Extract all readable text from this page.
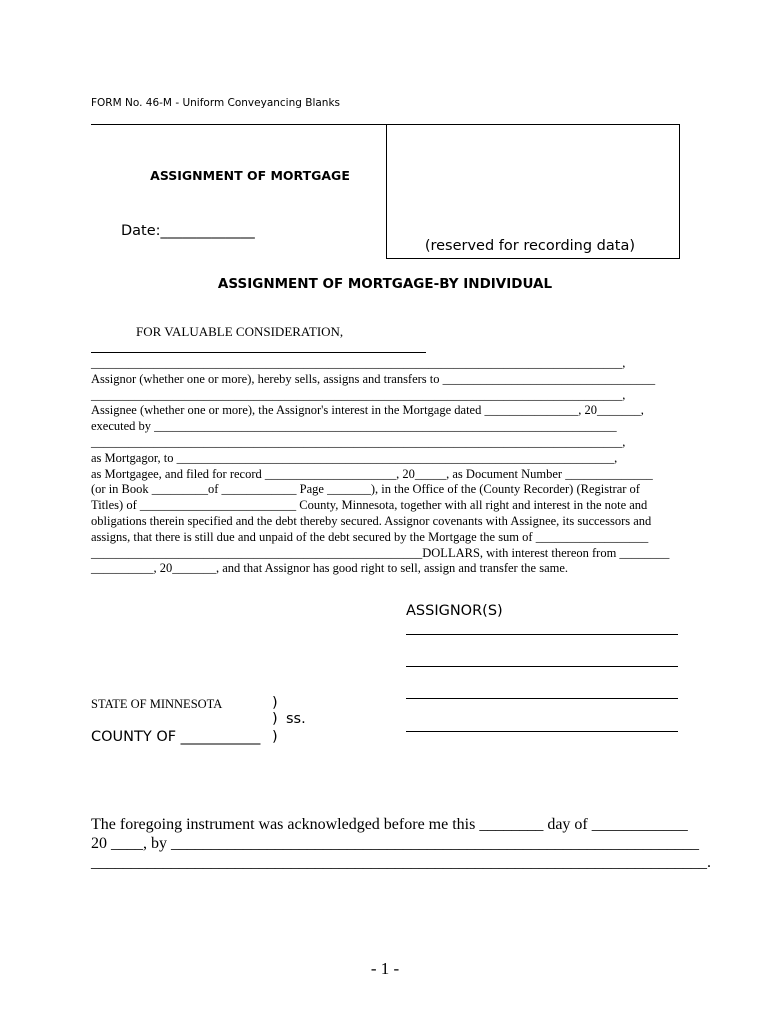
FORM No. 46-M - Uniform Conveyancing Blanks
(reserved for recording data)
ASSIGNMENT OF MORTGAGE
Date:_____________
ASSIGNMENT OF MORTGAGE-BY INDIVIDUAL
FOR VALUABLE CONSIDERATION,

_____________________________________________________________________________________,

Assignor (whether one or more), hereby sells, assigns and transfers to __________________________________

_____________________________________________________________________________________,

Assignee (whether one or more), the Assignor's interest in the Mortgage dated _______________, 20_______,

executed by __________________________________________________________________________

_____________________________________________________________________________________,

as Mortgagor, to ______________________________________________________________________,

as Mortgagee, and filed for record _____________________, 20_____, as Document Number ______________

(or in Book _________of ____________ Page _______), in the Office of the (County Recorder) (Registrar of

Titles) of _________________________ County, Minnesota, together with all right and interest in the note and

obligations therein specified and the debt thereby secured. Assignor covenants with Assignee, its successors and

assigns, that there is still due and unpaid of the debt secured by the Mortgage the sum of __________________

_____________________________________________________DOLLARS, with interest thereon from ________

__________, 20_______, and that Assignor has good right to sell, assign and transfer the same.

ASSIGNOR(S)
STATE OF MINNESOTA	)
)
)
ss.
COUNTY OF ___________

The foregoing instrument was acknowledged before me this ________ day of ____________

20 ____, by __________________________________________________________________

_____________________________________________________________________________.

- 1 -
